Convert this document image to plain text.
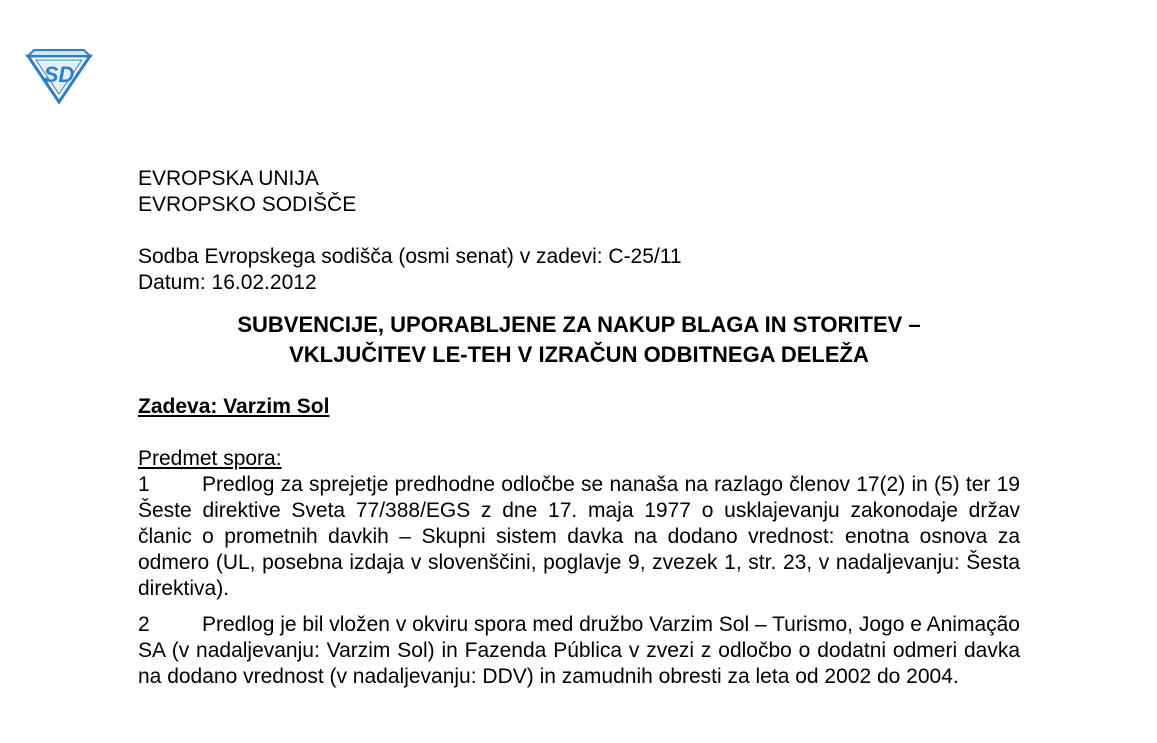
SD
EVROPSKA UNIJA
EVROPSKO SODIŠČE
Sodba Evropskega sodišča (osmi senat) v zadevi: C-25/11
Datum: 16.02.2012
SUBVENCIJE, UPORABLJENE ZA NAKUP BLAGA IN STORITEV –
VKLJUČITEV LE-TEH V IZRAČUN ODBITNEGA DELEŽA
Zadeva: Varzim Sol
Predmet spora:
1 Predlog za sprejetje predhodne odločbe se nanaša na razlago členov 17(2) in (5) ter 19 Šeste direktive Sveta 77/388/EGS z dne 17. maja 1977 o usklajevanju zakonodaje držav članic o prometnih davkih – Skupni sistem davka na dodano vrednost: enotna osnova za odmero (UL, posebna izdaja v slovenščini, poglavje 9, zvezek 1, str. 23, v nadaljevanju: Šesta direktiva).
2 Predlog je bil vložen v okviru spora med družbo Varzim Sol – Turismo, Jogo e Animação SA (v nadaljevanju: Varzim Sol) in Fazenda Pública v zvezi z odločbo o dodatni odmeri davka na dodano vrednost (v nadaljevanju: DDV) in zamudnih obresti za leta od 2002 do 2004.
